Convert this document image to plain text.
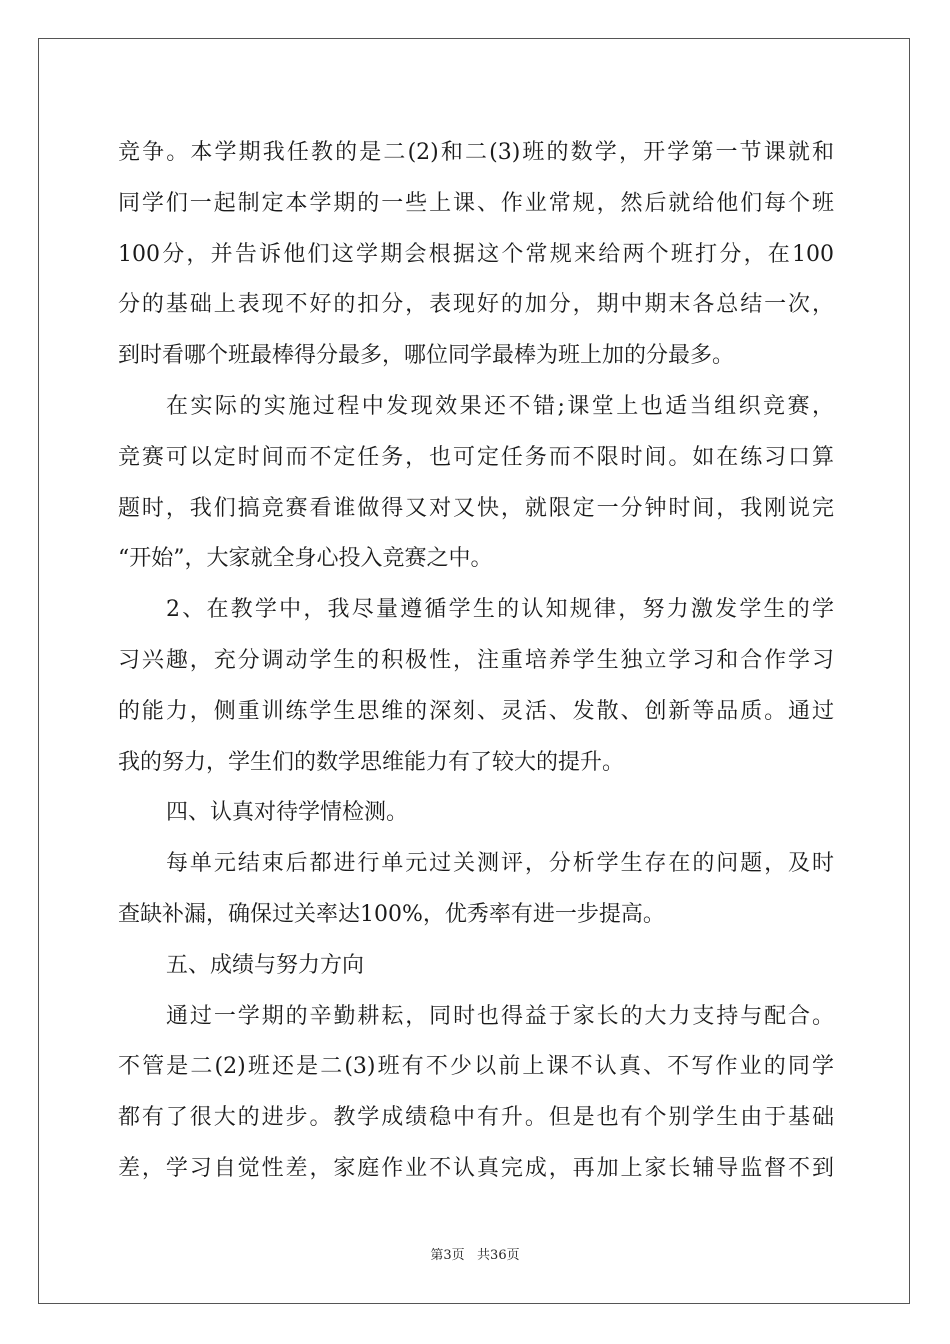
竞争。本学期我任教的是二(2)和二(3)班的数学，开学第一节课就和
同学们一起制定本学期的一些上课、作业常规，然后就给他们每个班
100分，并告诉他们这学期会根据这个常规来给两个班打分，在100
分的基础上表现不好的扣分，表现好的加分，期中期末各总结一次，
到时看哪个班最棒得分最多，哪位同学最棒为班上加的分最多。
在实际的实施过程中发现效果还不错;课堂上也适当组织竞赛，
竞赛可以定时间而不定任务，也可定任务而不限时间。如在练习口算
题时，我们搞竞赛看谁做得又对又快，就限定一分钟时间，我刚说完
“开始”，大家就全身心投入竞赛之中。
2、在教学中，我尽量遵循学生的认知规律，努力激发学生的学
习兴趣，充分调动学生的积极性，注重培养学生独立学习和合作学习
的能力，侧重训练学生思维的深刻、灵活、发散、创新等品质。通过
我的努力，学生们的数学思维能力有了较大的提升。
四、认真对待学情检测。
每单元结束后都进行单元过关测评，分析学生存在的问题，及时
查缺补漏，确保过关率达100%，优秀率有进一步提高。
五、成绩与努力方向
通过一学期的辛勤耕耘，同时也得益于家长的大力支持与配合。
不管是二(2)班还是二(3)班有不少以前上课不认真、不写作业的同学
都有了很大的进步。教学成绩稳中有升。但是也有个别学生由于基础
差，学习自觉性差，家庭作业不认真完成，再加上家长辅导监督不到
第3页   共36页
